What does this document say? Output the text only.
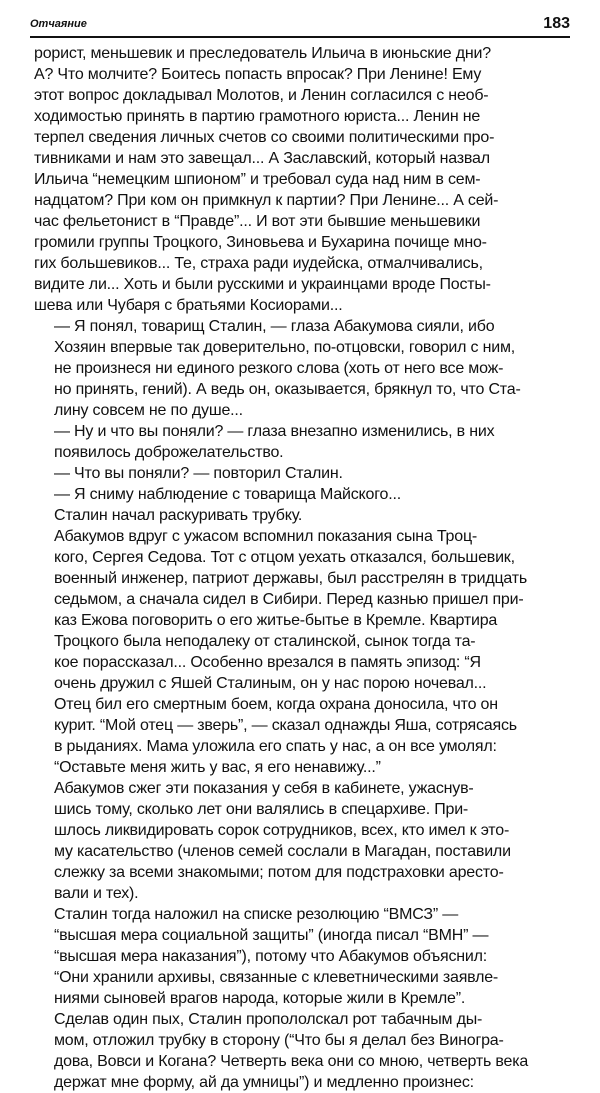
Отчаяние	183

рорист, меньшевик и преследователь Ильича в июньские дни?
А? Что молчите? Боитесь попасть впросак? При Ленине! Ему
этот вопрос докладывал Молотов, и Ленин согласился с необ-
ходимостью принять в партию грамотного юриста... Ленин не
терпел сведения личных счетов со своими политическими про-
тивниками и нам это завещал... А Заславский, который назвал
Ильича “немецким шпионом” и требовал суда над ним в сем-
надцатом? При ком он примкнул к партии? При Ленине... А сей-
час фельетонист в “Правде”... И вот эти бывшие меньшевики
громили группы Троцкого, Зиновьева и Бухарина почище мно-
гих большевиков... Те, страха ради иудейска, отмалчивались,
видите ли... Хоть и были русскими и украинцами вроде Посты-
шева или Чубаря с братьями Косиорами...

— Я понял, товарищ Сталин, — глаза Абакумова сияли, ибо
Хозяин впервые так доверительно, по-отцовски, говорил с ним,
не произнеся ни единого резкого слова (хоть от него все мож-
но принять, гений). А ведь он, оказывается, брякнул то, что Ста-
лину совсем не по душе...

— Ну и что вы поняли? — глаза внезапно изменились, в них
появилось доброжелательство.

— Что вы поняли? — повторил Сталин.

— Я сниму наблюдение с товарища Майского...

Сталин начал раскуривать трубку.

Абакумов вдруг с ужасом вспомнил показания сына Троц-
кого, Сергея Седова. Тот с отцом уехать отказался, большевик,
военный инженер, патриот державы, был расстрелян в тридцать
седьмом, а сначала сидел в Сибири. Перед казнью пришел при-
каз Ежова поговорить о его житье-бытье в Кремле. Квартира
Троцкого была неподалеку от сталинской, сынок тогда та-
кое порассказал... Особенно врезался в память эпизод: “Я
очень дружил с Яшей Сталиным, он у нас порою ночевал...
Отец бил его смертным боем, когда охрана доносила, что он
курит. “Мой отец — зверь”, — сказал однажды Яша, сотрясаясь
в рыданиях. Мама уложила его спать у нас, а он все умолял:
“Оставьте меня жить у вас, я его ненавижу...”

Абакумов сжег эти показания у себя в кабинете, ужаснув-
шись тому, сколько лет они валялись в спецархиве. При-
шлось ликвидировать сорок сотрудников, всех, кто имел к это-
му касательство (членов семей сослали в Магадан, поставили
слежку за всеми знакомыми; потом для подстраховки аресто-
вали и тех).

Сталин тогда наложил на списке резолюцию “ВМСЗ” —
“высшая мера социальной защиты” (иногда писал “ВМН” —
“высшая мера наказания”), потому что Абакумов объяснил:
“Они хранили архивы, связанные с клеветническими заявле-
ниями сыновей врагов народа, которые жили в Кремле”.

Сделав один пых, Сталин пропололскал рот табачным ды-
мом, отложил трубку в сторону (“Что бы я делал без Виногра-
дова, Вовси и Когана? Четверть века они со мною, четверть века
держат мне форму, ай да умницы”) и медленно произнес:
